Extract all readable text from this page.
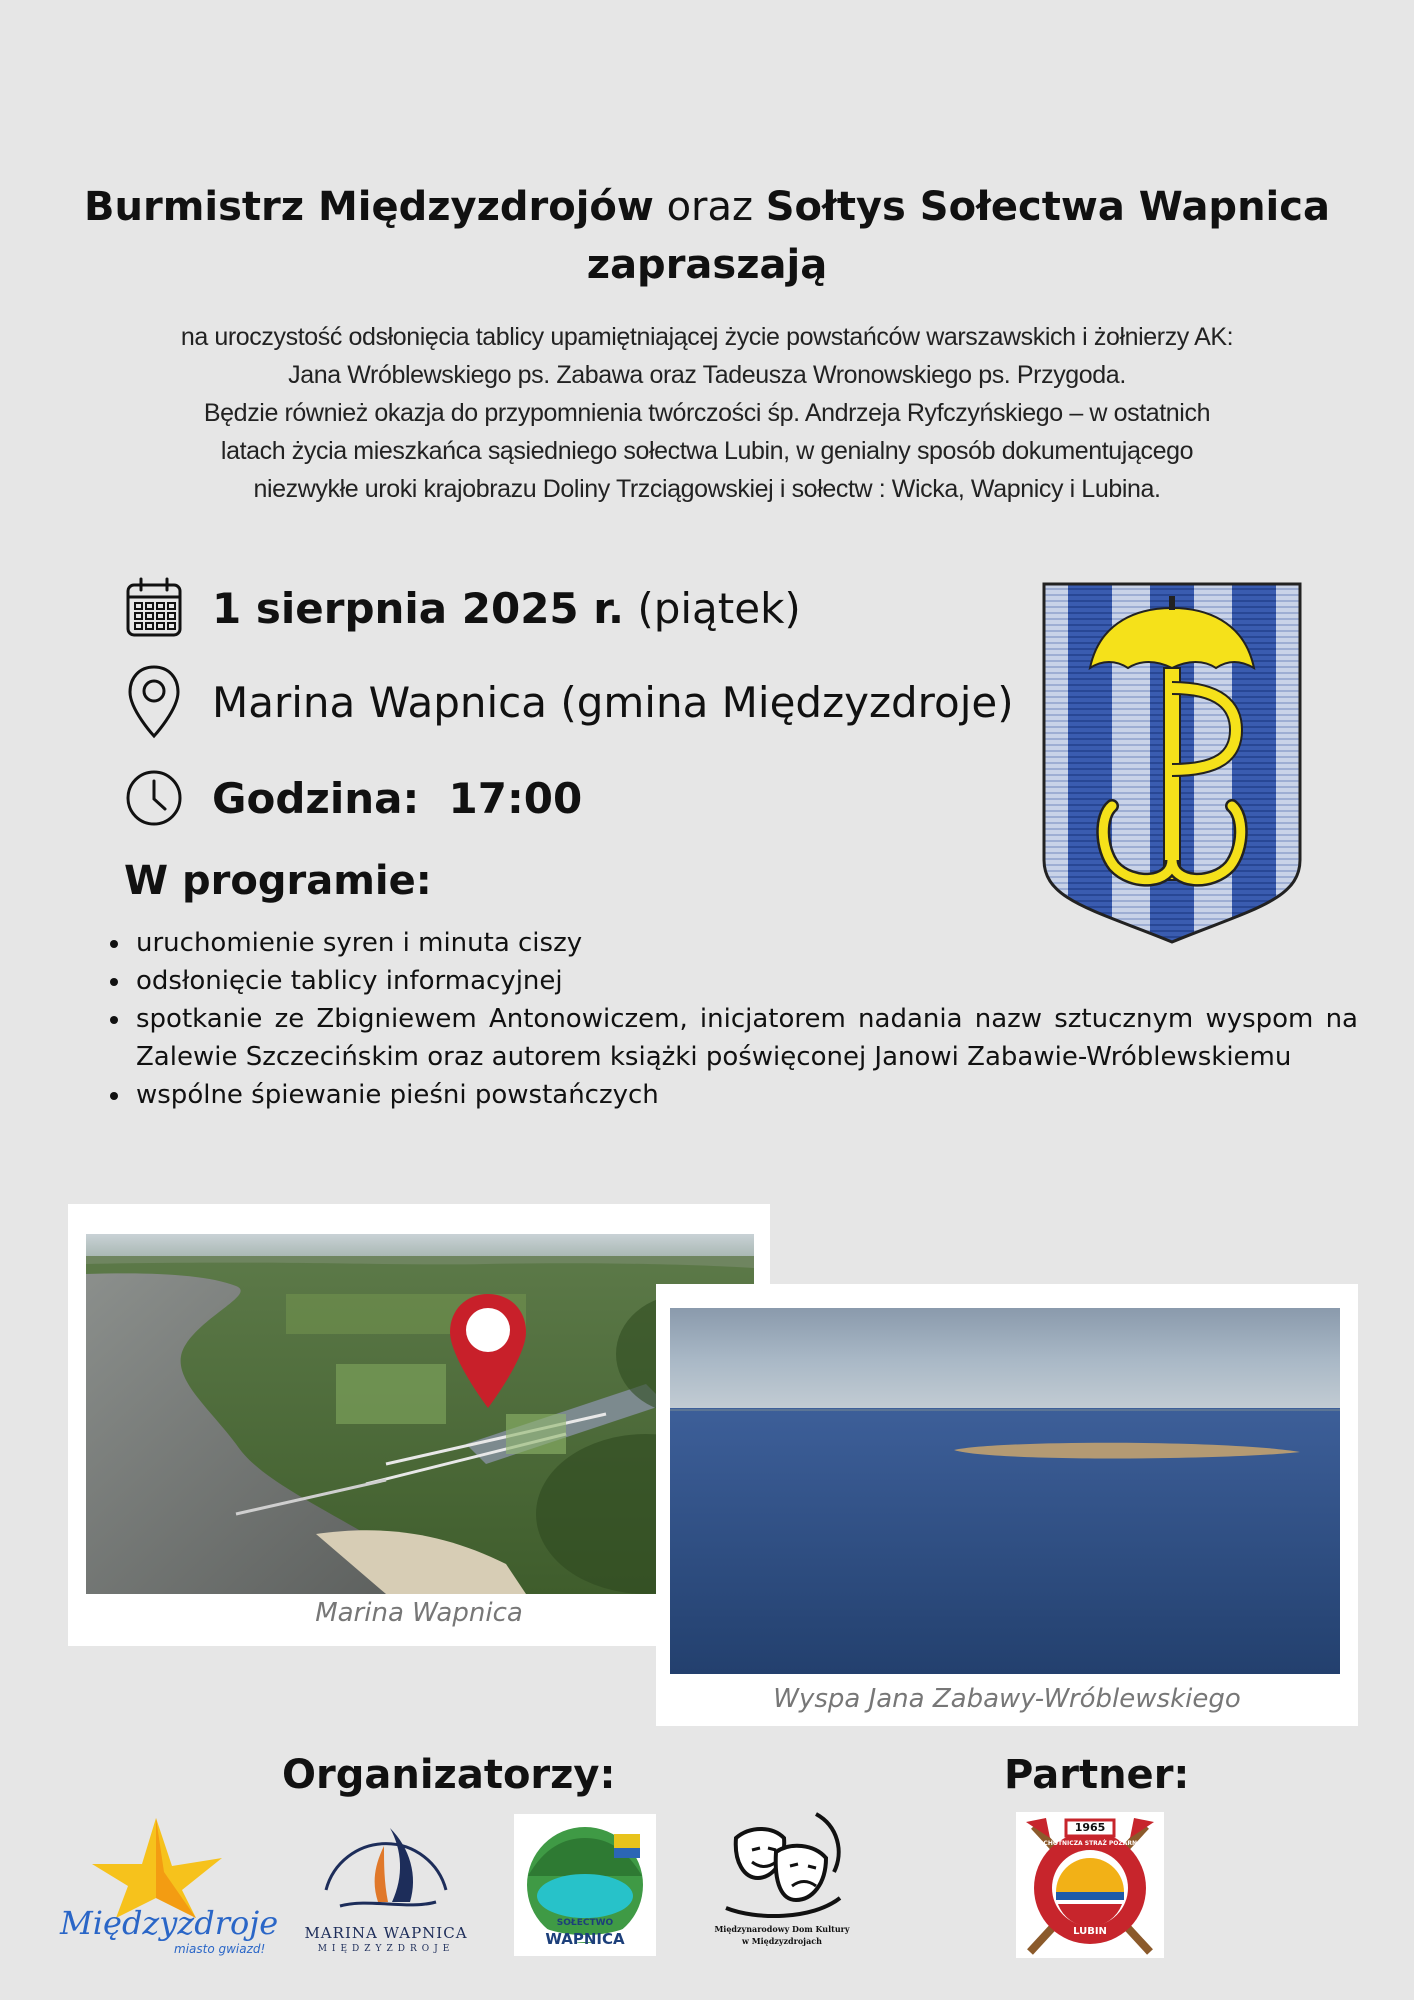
Burmistrz Międzyzdrojów oraz Sołtys Sołectwa Wapnica
zapraszają
na uroczystość odsłonięcia tablicy upamiętniającej życie powstańców warszawskich i żołnierzy AK:
Jana Wróblewskiego ps. Zabawa oraz Tadeusza Wronowskiego ps. Przygoda.
Będzie również okazja do przypomnienia twórczości śp. Andrzeja Ryfczyńskiego – w ostatnich
latach życia mieszkańca sąsiedniego sołectwa Lubin, w genialny sposób dokumentującego
niezwykłe uroki krajobrazu Doliny Trzciągowskiej i sołectw : Wicka, Wapnicy i Lubina.
1 sierpnia 2025 r. (piątek)
Marina Wapnica (gmina Międzyzdroje)
Godzina: 17:00
W programie:
• uruchomienie syren i minuta ciszy
• odsłonięcie tablicy informacyjnej
• spotkanie ze Zbigniewem Antonowiczem, inicjatorem nadania nazw sztucznym wyspom na Zalewie Szczecińskim oraz autorem książki poświęconej Janowi Zabawie-Wróblewskiemu
• wspólne śpiewanie pieśni powstańczych
Marina Wapnica
Wyspa Jana Zabawy-Wróblewskiego
Organizatorzy:	Partner:
Międzyzdroje
miasto gwiazd!
MARINA WAPNICA
MIĘDZYZDROJE
SOŁECTWO
WAPNICA
Międzynarodowy Dom Kultury
w Międzyzdrojach
1965
OCHOTNICZA STRAŻ POŻARNA
LUBIN
